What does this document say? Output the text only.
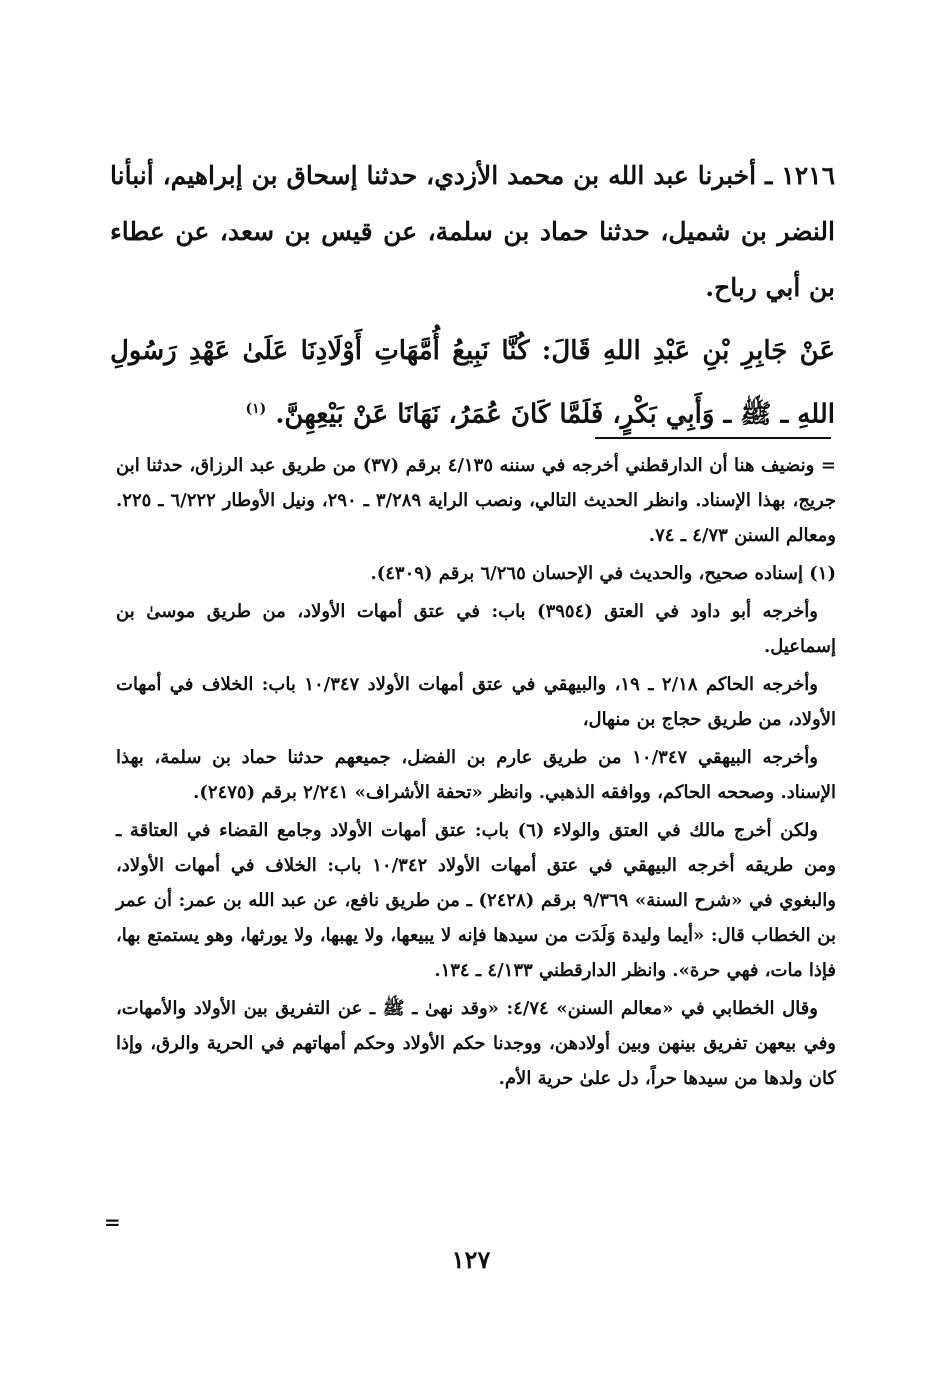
١٢١٦ ـ أخبرنا عبد الله بن محمد الأزدي، حدثنا إسحاق بن إبراهيم، أنبأنا النضر بن شميل، حدثنا حماد بن سلمة، عن قيس بن سعد، عن عطاء بن أبي رباح.

عَنْ جَابِرِ بْنِ عَبْدِ اللهِ قَالَ: كُنَّا نَبِيعُ أُمَّهَاتِ أَوْلَادِنَا عَلَىٰ عَهْدِ رَسُولِ اللهِ ـ ﷺ ـ وَأَبِي بَكْرٍ، فَلَمَّا كَانَ عُمَرُ، نَهَانَا عَنْ بَيْعِهِنَّ. $^{(١)}$

= ونضيف هنا أن الدارقطني أخرجه في سننه ٤/١٣٥ برقم (٣٧) من طريق عبد الرزاق، حدثنا ابن جريج، بهذا الإسناد. وانظر الحديث التالي، ونصب الراية ٣/٢٨٩ ـ ٢٩٠، ونيل الأوطار ٦/٢٢٢ ـ ٢٢٥. ومعالم السنن ٤/٧٣ ـ ٧٤.

(١) إسناده صحيح، والحديث في الإحسان ٦/٢٦٥ برقم (٤٣٠٩).

وأخرجه أبو داود في العتق (٣٩٥٤) باب: في عتق أمهات الأولاد، من طريق موسىٰ بن إسماعيل.

وأخرجه الحاكم ٢/١٨ ـ ١٩، والبيهقي في عتق أمهات الأولاد ١٠/٣٤٧ باب: الخلاف في أمهات الأولاد، من طريق حجاج بن منهال،

وأخرجه البيهقي ١٠/٣٤٧ من طريق عارم بن الفضل، جميعهم حدثنا حماد بن سلمة، بهذا الإسناد. وصححه الحاكم، ووافقه الذهبي. وانظر «تحفة الأشراف» ٢/٢٤١ برقم (٢٤٧٥).

ولكن أخرج مالك في العتق والولاء (٦) باب: عتق أمهات الأولاد وجامع القضاء في العتاقة ـ ومن طريقه أخرجه البيهقي في عتق أمهات الأولاد ١٠/٣٤٢ باب: الخلاف في أمهات الأولاد، والبغوي في «شرح السنة» ٩/٣٦٩ برقم (٢٤٢٨) ـ من طريق نافع، عن عبد الله بن عمر: أن عمر بن الخطاب قال: «أيما وليدة وَلَدَت من سيدها فإنه لا يبيعها، ولا يهبها، ولا يورثها، وهو يستمتع بها، فإذا مات، فهي حرة». وانظر الدارقطني ٤/١٣٣ ـ ١٣٤.

وقال الخطابي في «معالم السنن» ٤/٧٤: «وقد نهىٰ ـ ﷺ ـ عن التفريق بين الأولاد والأمهات، وفي بيعهن تفريق بينهن وبين أولادهن، ووجدنا حكم الأولاد وحكم أمهاتهم في الحرية والرق، وإذا كان ولدها من سيدها حراً، دل علىٰ حرية الأم.

=
١٢٧
